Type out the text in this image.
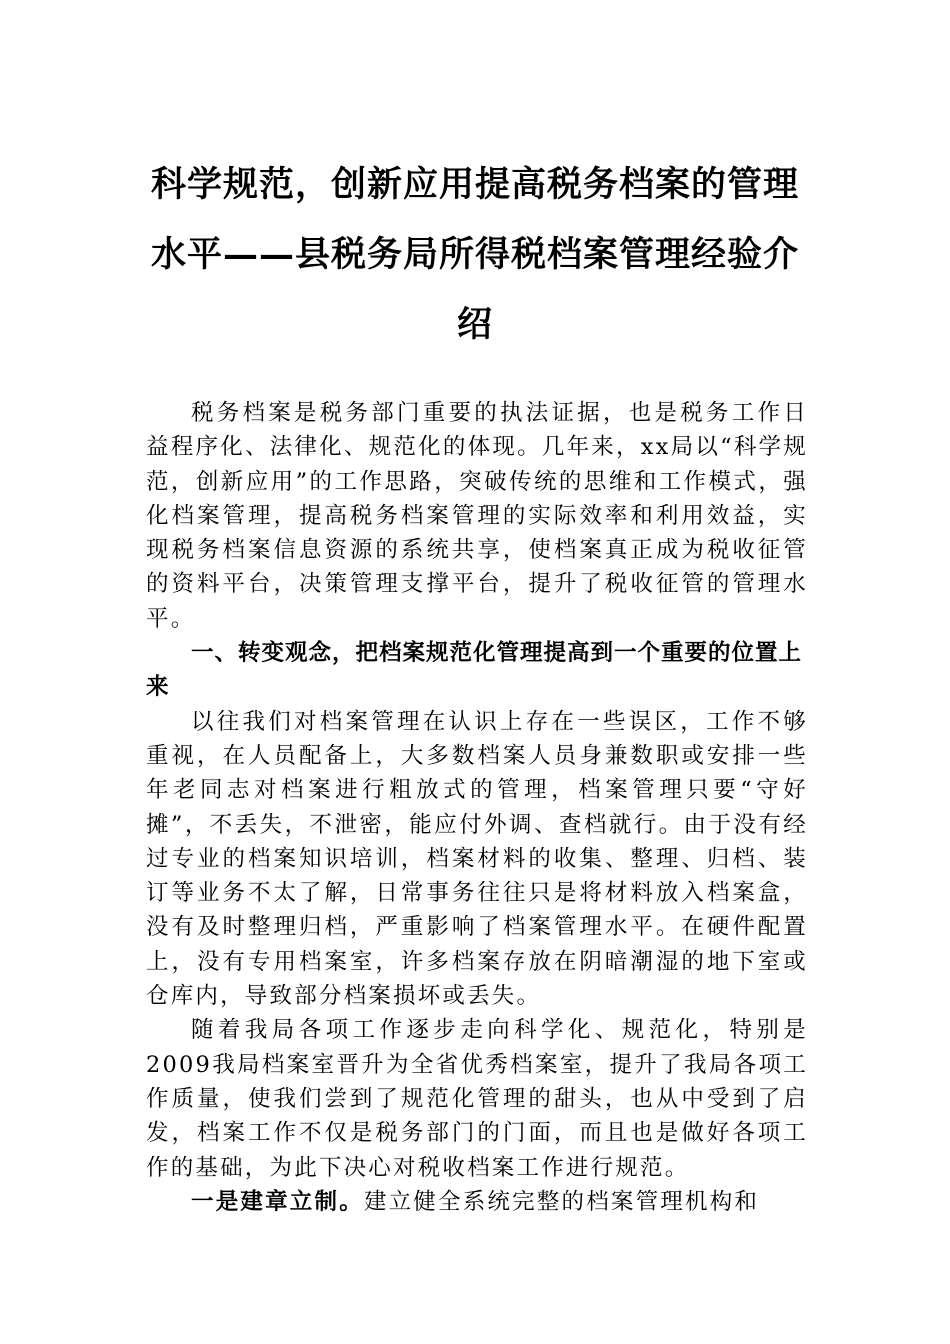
科学规范，创新应用提高税务档案的管理水平——县税务局所得税档案管理经验介绍

税务档案是税务部门重要的执法证据，也是税务工作日益程序化、法律化、规范化的体现。几年来，xx局以“科学规范，创新应用”的工作思路，突破传统的思维和工作模式，强化档案管理，提高税务档案管理的实际效率和利用效益，实现税务档案信息资源的系统共享，使档案真正成为税收征管的资料平台，决策管理支撑平台，提升了税收征管的管理水平。

一、转变观念，把档案规范化管理提高到一个重要的位置上来

以往我们对档案管理在认识上存在一些误区，工作不够重视，在人员配备上，大多数档案人员身兼数职或安排一些年老同志对档案进行粗放式的管理，档案管理只要“守好摊”，不丢失，不泄密，能应付外调、查档就行。由于没有经过专业的档案知识培训，档案材料的收集、整理、归档、装订等业务不太了解，日常事务往往只是将材料放入档案盒，没有及时整理归档，严重影响了档案管理水平。在硬件配置上，没有专用档案室，许多档案存放在阴暗潮湿的地下室或仓库内，导致部分档案损坏或丢失。

随着我局各项工作逐步走向科学化、规范化，特别是2009我局档案室晋升为全省优秀档案室，提升了我局各项工作质量，使我们尝到了规范化管理的甜头，也从中受到了启发，档案工作不仅是税务部门的门面，而且也是做好各项工作的基础，为此下决心对税收档案工作进行规范。

一是建章立制。建立健全系统完整的档案管理机构和
